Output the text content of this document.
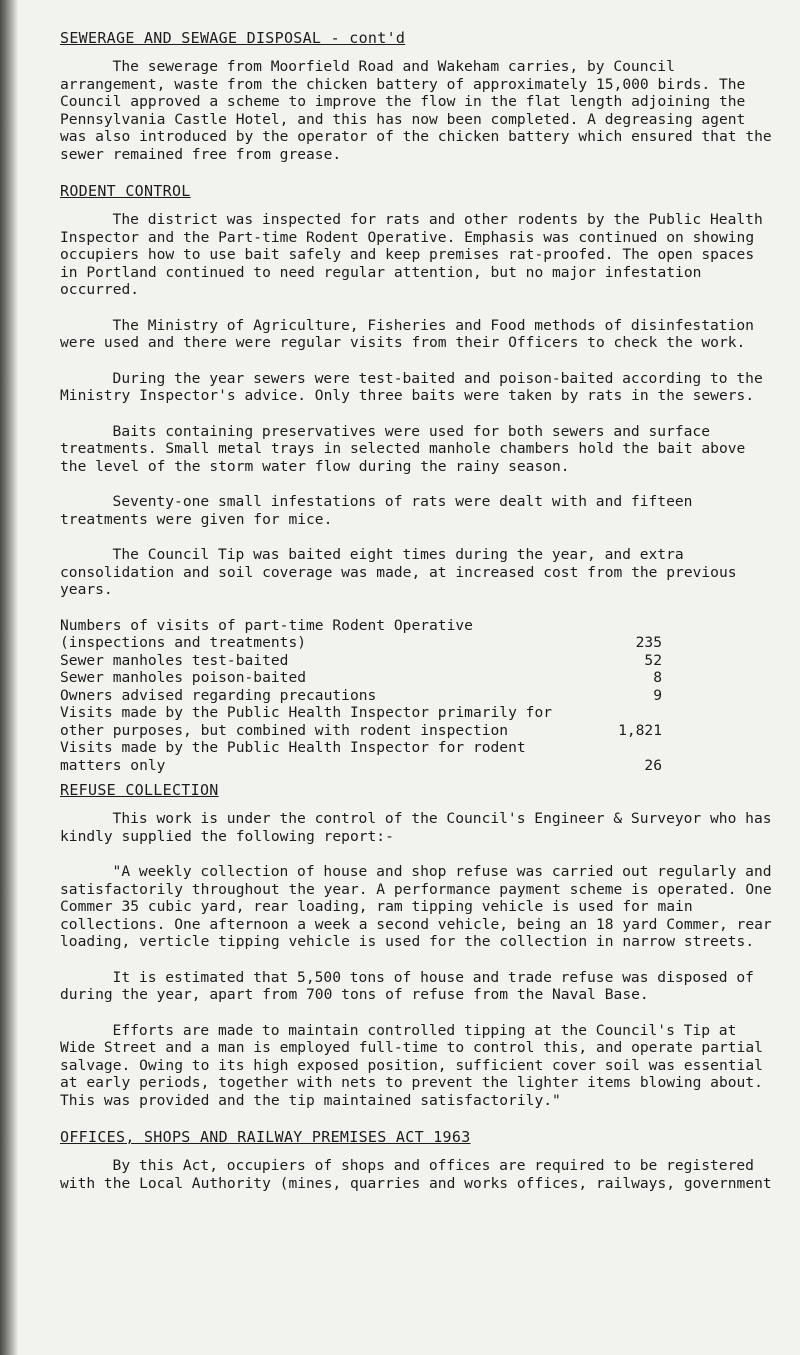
SEWERAGE AND SEWAGE DISPOSAL - cont'd

The sewerage from Moorfield Road and Wakeham carries, by Council arrangement, waste from the chicken battery of approximately 15,000 birds. The Council approved a scheme to improve the flow in the flat length adjoining the Pennsylvania Castle Hotel, and this has now been completed. A degreasing agent was also introduced by the operator of the chicken battery which ensured that the sewer remained free from grease.

RODENT CONTROL

The district was inspected for rats and other rodents by the Public Health Inspector and the Part-time Rodent Operative. Emphasis was continued on showing occupiers how to use bait safely and keep premises rat-proofed. The open spaces in Portland continued to need regular attention, but no major infestation occurred.

The Ministry of Agriculture, Fisheries and Food methods of disinfestation were used and there were regular visits from their Officers to check the work.

During the year sewers were test-baited and poison-baited according to the Ministry Inspector's advice. Only three baits were taken by rats in the sewers.

Baits containing preservatives were used for both sewers and surface treatments. Small metal trays in selected manhole chambers hold the bait above the level of the storm water flow during the rainy season.

Seventy-one small infestations of rats were dealt with and fifteen treatments were given for mice.

The Council Tip was baited eight times during the year, and extra consolidation and soil coverage was made, at increased cost from the previous years.

Numbers of visits of part-time Rodent Operative
(inspections and treatments)	235
Sewer manholes test-baited	52
Sewer manholes poison-baited	8
Owners advised regarding precautions	9
Visits made by the Public Health Inspector primarily for
other purposes, but combined with rodent inspection	1,821
Visits made by the Public Health Inspector for rodent
matters only	26
REFUSE COLLECTION

This work is under the control of the Council's Engineer & Surveyor who has kindly supplied the following report:-

"A weekly collection of house and shop refuse was carried out regularly and satisfactorily throughout the year. A performance payment scheme is operated. One Commer 35 cubic yard, rear loading, ram tipping vehicle is used for main collections. One afternoon a week a second vehicle, being an 18 yard Commer, rear loading, verticle tipping vehicle is used for the collection in narrow streets.

It is estimated that 5,500 tons of house and trade refuse was disposed of during the year, apart from 700 tons of refuse from the Naval Base.

Efforts are made to maintain controlled tipping at the Council's Tip at Wide Street and a man is employed full-time to control this, and operate partial salvage. Owing to its high exposed position, sufficient cover soil was essential at early periods, together with nets to prevent the lighter items blowing about. This was provided and the tip maintained satisfactorily."

OFFICES, SHOPS AND RAILWAY PREMISES ACT 1963

By this Act, occupiers of shops and offices are required to be registered with the Local Authority (mines, quarries and works offices, railways, government
